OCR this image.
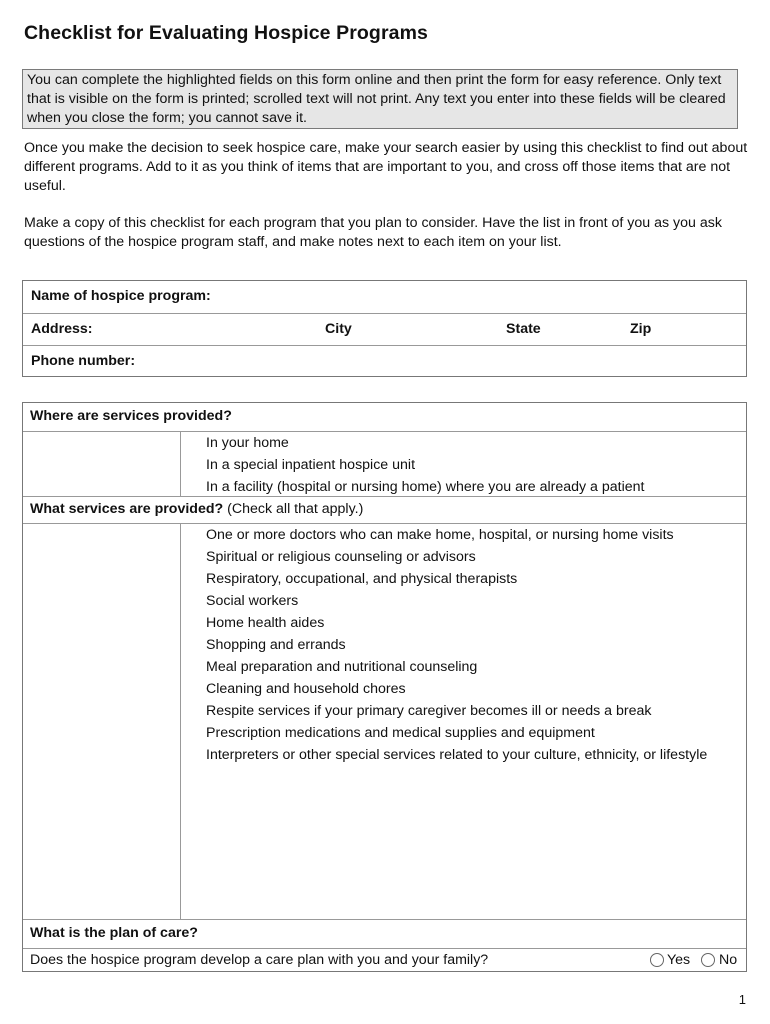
Checklist for Evaluating Hospice Programs
You can complete the highlighted fields on this form online and then print the form for easy reference. Only text that is visible on the form is printed; scrolled text will not print. Any text you enter into these fields will be cleared when you close the form; you cannot save it.

Once you make the decision to seek hospice care, make your search easier by using this checklist to find out about different programs. Add to it as you think of items that are important to you, and cross off those items that are not useful.

Make a copy of this checklist for each program that you plan to consider. Have the list in front of you as you ask questions of the hospice program staff, and make notes next to each item on your list.

Name of hospice program:
Address:	City	State	Zip
Phone number:
Where are services provided?
In your home
In a special inpatient hospice unit
In a facility (hospital or nursing home) where you are already a patient
What services are provided? (Check all that apply.)
One or more doctors who can make home, hospital, or nursing home visits
Spiritual or religious counseling or advisors
Respiratory, occupational, and physical therapists
Social workers
Home health aides
Shopping and errands
Meal preparation and nutritional counseling
Cleaning and household chores
Respite services if your primary caregiver becomes ill or needs a break
Prescription medications and medical supplies and equipment
Interpreters or other special services related to your culture, ethnicity, or lifestyle
What is the plan of care?
Does the hospice program develop a care plan with you and your family?	Yes No
1
